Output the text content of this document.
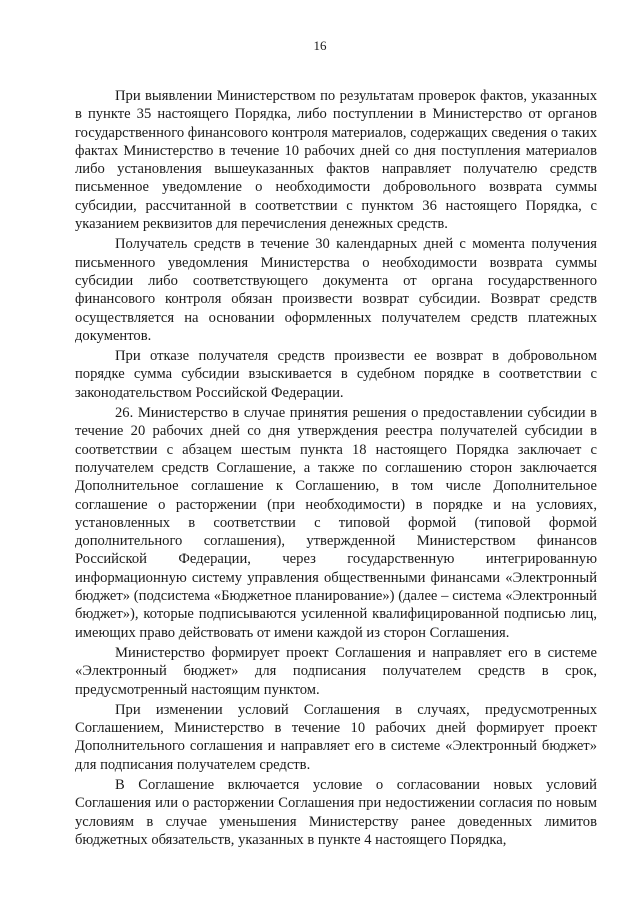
16

При выявлении Министерством по результатам проверок фактов, указанных в пункте 35 настоящего Порядка, либо поступлении в Министерство от органов государственного финансового контроля материалов, содержащих сведения о таких фактах Министерство в течение 10 рабочих дней со дня поступления материалов либо установления вышеуказанных фактов направляет получателю средств письменное уведомление о необходимости добровольного возврата суммы субсидии, рассчитанной в соответствии с пунктом 36 настоящего Порядка, с указанием реквизитов для перечисления денежных средств.

Получатель средств в течение 30 календарных дней с момента получения письменного уведомления Министерства о необходимости возврата суммы субсидии либо соответствующего документа от органа государственного финансового контроля обязан произвести возврат субсидии. Возврат средств осуществляется на основании оформленных получателем средств платежных документов.

При отказе получателя средств произвести ее возврат в добровольном порядке сумма субсидии взыскивается в судебном порядке в соответствии с законодательством Российской Федерации.

26. Министерство в случае принятия решения о предоставлении субсидии в течение 20 рабочих дней со дня утверждения реестра получателей субсидии в соответствии с абзацем шестым пункта 18 настоящего Порядка заключает с получателем средств Соглашение, а также по соглашению сторон заключается Дополнительное соглашение к Соглашению, в том числе Дополнительное соглашение о расторжении (при необходимости) в порядке и на условиях, установленных в соответствии с типовой формой (типовой формой дополнительного соглашения), утвержденной Министерством финансов Российской Федерации, через государственную интегрированную информационную систему управления общественными финансами «Электронный бюджет» (подсистема «Бюджетное планирование») (далее – система «Электронный бюджет»), которые подписываются усиленной квалифицированной подписью лиц, имеющих право действовать от имени каждой из сторон Соглашения.

Министерство формирует проект Соглашения и направляет его в системе «Электронный бюджет» для подписания получателем средств в срок, предусмотренный настоящим пунктом.

При изменении условий Соглашения в случаях, предусмотренных Соглашением, Министерство в течение 10 рабочих дней формирует проект Дополнительного соглашения и направляет его в системе «Электронный бюджет» для подписания получателем средств.

В Соглашение включается условие о согласовании новых условий Соглашения или о расторжении Соглашения при недостижении согласия по новым условиям в случае уменьшения Министерству ранее доведенных лимитов бюджетных обязательств, указанных в пункте 4 настоящего Порядка,
